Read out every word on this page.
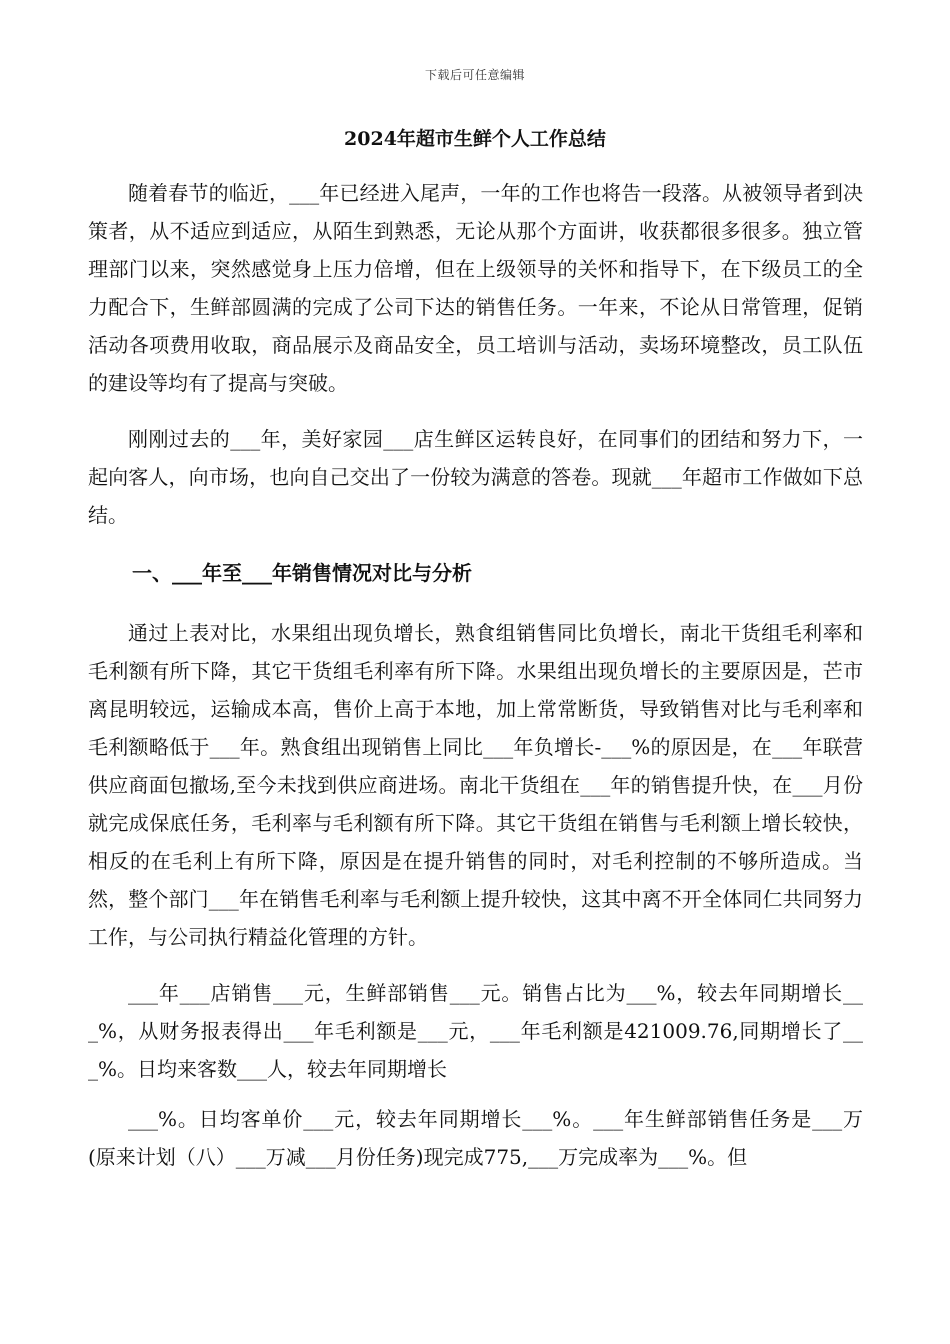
下载后可任意编辑
2024年超市生鲜个人工作总结

随着春节的临近，___年已经进入尾声，一年的工作也将告一段落。从被领导者到决策者，从不适应到适应，从陌生到熟悉，无论从那个方面讲，收获都很多很多。独立管理部门以来，突然感觉身上压力倍增，但在上级领导的关怀和指导下，在下级员工的全力配合下，生鲜部圆满的完成了公司下达的销售任务。一年来，不论从日常管理，促销活动各项费用收取，商品展示及商品安全，员工培训与活动，卖场环境整改，员工队伍的建设等均有了提高与突破。

刚刚过去的___年，美好家园___店生鲜区运转良好，在同事们的团结和努力下，一起向客人，向市场，也向自己交出了一份较为满意的答卷。现就___年超市工作做如下总结。

一、___年至___年销售情况对比与分析

通过上表对比，水果组出现负增长，熟食组销售同比负增长，南北干货组毛利率和毛利额有所下降，其它干货组毛利率有所下降。水果组出现负增长的主要原因是，芒市离昆明较远，运输成本高，售价上高于本地，加上常常断货，导致销售对比与毛利率和毛利额略低于___年。熟食组出现销售上同比___年负增长-___%的原因是，在___年联营供应商面包撤场,至今未找到供应商进场。南北干货组在___年的销售提升快，在___月份就完成保底任务，毛利率与毛利额有所下降。其它干货组在销售与毛利额上增长较快，相反的在毛利上有所下降，原因是在提升销售的同时，对毛利控制的不够所造成。当然，整个部门___年在销售毛利率与毛利额上提升较快，这其中离不开全体同仁共同努力工作，与公司执行精益化管理的方针。

___年___店销售___元，生鲜部销售___元。销售占比为___%，较去年同期增长___%，从财务报表得出___年毛利额是___元，___年毛利额是421009.76,同期增长了___%。日均来客数___人，较去年同期增长

___%。日均客单价___元，较去年同期增长___%。___年生鲜部销售任务是___万(原来计划（八）___万减___月份任务)现完成775,___万完成率为___%。但
